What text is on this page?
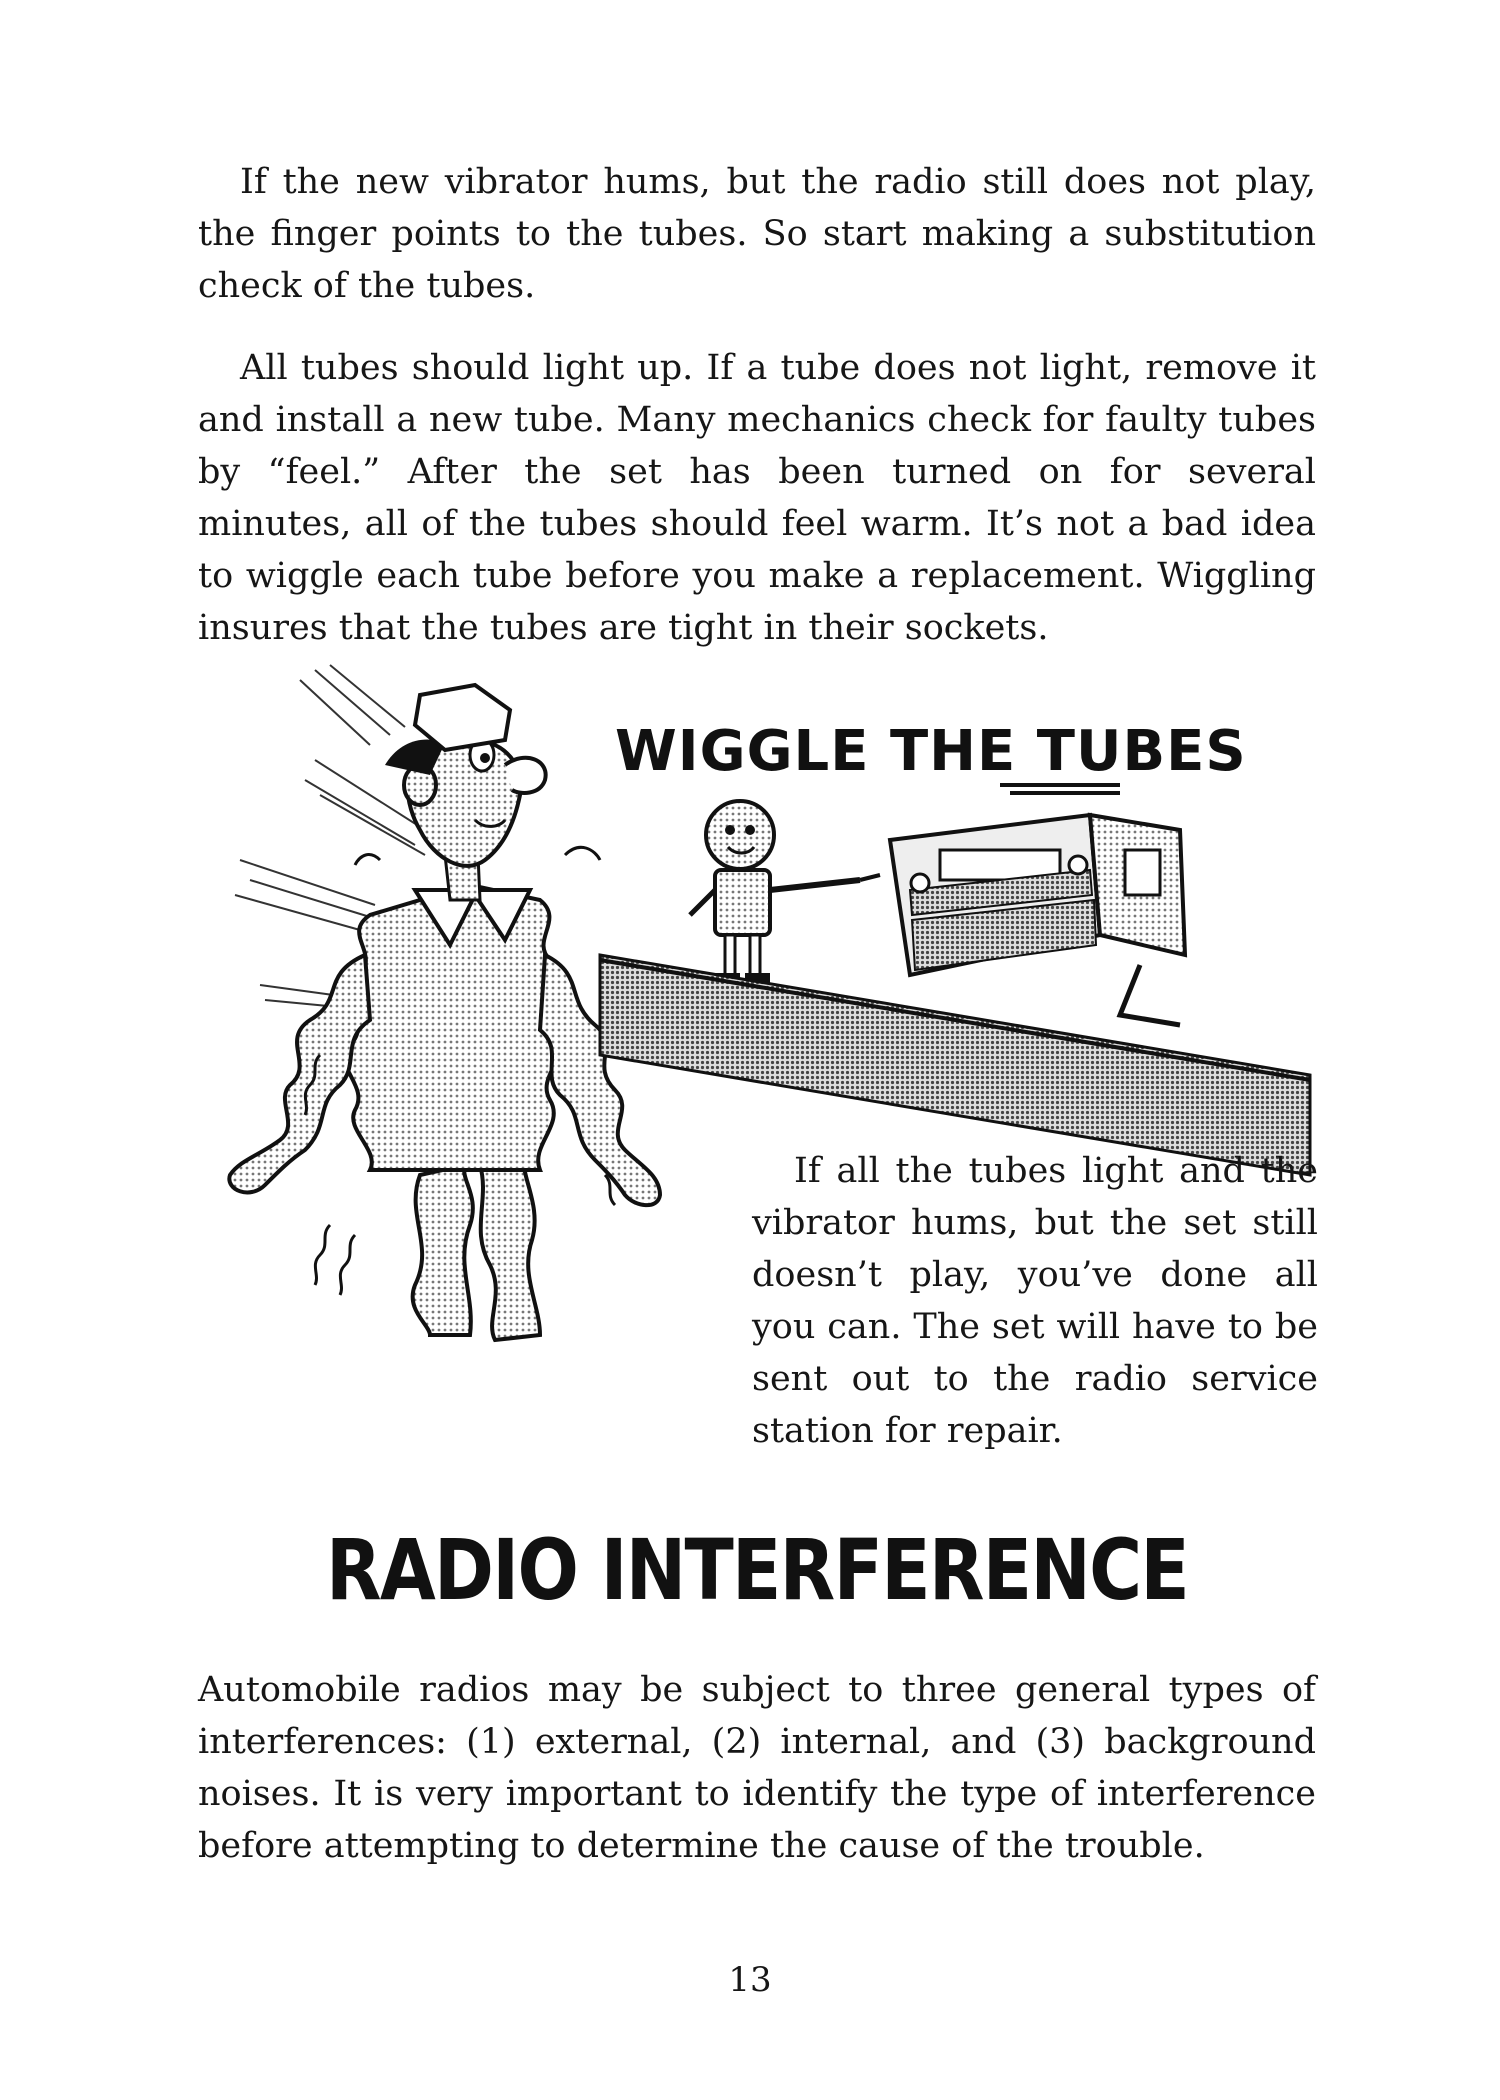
If the new vibrator hums, but the radio still does not play, the finger points to the tubes. So start making a substitution check of the tubes.

All tubes should light up. If a tube does not light, remove it and install a new tube. Many mechanics check for faulty tubes by “feel.” After the set has been turned on for several minutes, all of the tubes should feel warm. It’s not a bad idea to wiggle each tube before you make a replacement. Wiggling insures that the tubes are tight in their sockets.

WIGGLE THE TUBES

If all the tubes light and the vibrator hums, but the set still doesn’t play, you’ve done all you can. The set will have to be sent out to the radio service station for repair.

RADIO INTERFERENCE

Automobile radios may be subject to three general types of interferences: (1) external, (2) internal, and (3) background noises. It is very important to identify the type of interference before attempting to determine the cause of the trouble.

13
